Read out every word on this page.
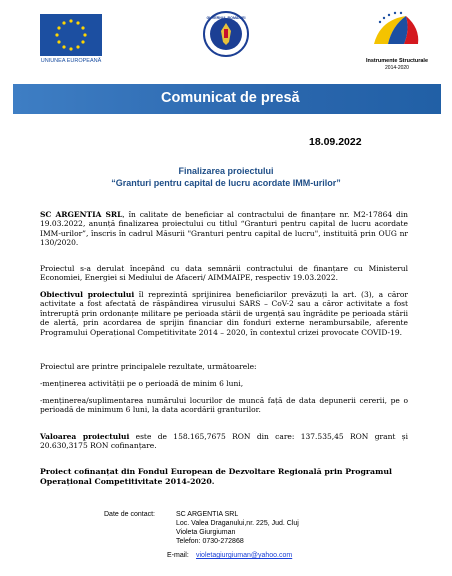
UNIUNEA EUROPEANĂ
GUVERNUL ROMÂNIEI
Instrumente Structurale
2014-2020
Comunicat de presă
18.09.2022
Finalizarea proiectului
“Granturi pentru capital de lucru acordate IMM-urilor”
SC ARGENTIA SRL, în calitate de beneficiar al contractului de finanțare nr. M2-17864 din 19.03.2022, anunță finalizarea proiectului cu titlul “Granturi pentru capital de lucru acordate IMM-urilor”, înscris în cadrul Măsurii "Granturi pentru capital de lucru", instituită prin OUG nr 130/2020.
Proiectul s-a derulat începând cu data semnării contractului de finanțare cu Ministerul Economiei, Energiei si Mediului de Afaceri/ AIMMAIPE, respectiv 19.03.2022.
Obiectivul proiectului îl reprezintă sprijinirea beneficiarilor prevăzuți la art. (3), a căror activitate a fost afectată de răspândirea virusului SARS – CoV-2 sau a căror activitate a fost întreruptă prin ordonanțe militare pe perioada stării de urgență sau îngrădite pe perioada stării de alertă, prin acordarea de sprijin financiar din fonduri externe nerambursabile, aferente Programului Operațional Competitivitate 2014 – 2020, în contextul crizei provocate COVID-19.
Proiectul are printre principalele rezultate, următoarele:
-menținerea activității pe o perioadă de minim 6 luni,
-menținerea/suplimentarea numărului locurilor de muncă față de data depunerii cererii, pe o perioadă de minimum 6 luni, la data acordării granturilor.
Valoarea proiectului este de 158.165,7675 RON din care: 137.535,45 RON grant și 20.630,3175 RON cofinanțare.
Proiect cofinanțat din Fondul European de Dezvoltare Regională prin Programul Operațional Competitivitate 2014-2020.
Date de contact:	SC ARGENTIA SRL
Loc. Valea Draganului,nr. 225, Jud. Cluj
Violeta Giurgiuman
Telefon: 0730-272868
E-mail: violetagiurgiuman@yahoo.com
